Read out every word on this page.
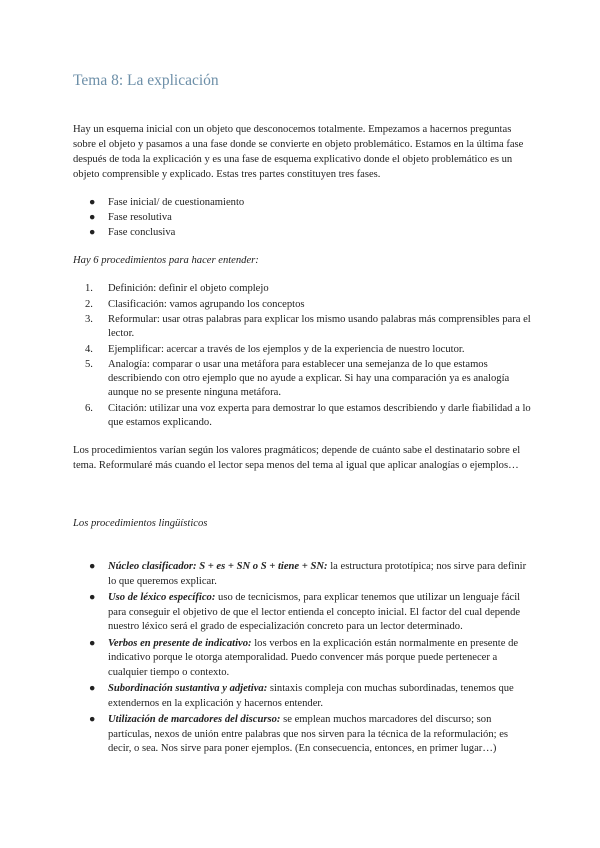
Tema 8: La explicación
Hay un esquema inicial con un objeto que desconocemos totalmente. Empezamos a hacernos preguntas sobre el objeto y pasamos a una fase donde se convierte en objeto problemático. Estamos en la última fase después de toda la explicación y es una fase de esquema explicativo donde el objeto problemático es un objeto comprensible y explicado. Estas tres partes constituyen tres fases.
● Fase inicial/ de cuestionamiento
● Fase resolutiva
● Fase conclusiva
Hay 6 procedimientos para hacer entender:
1. Definición: definir el objeto complejo
2. Clasificación: vamos agrupando los conceptos
3. Reformular: usar otras palabras para explicar los mismo usando palabras más comprensibles para el lector.
4. Ejemplificar: acercar a través de los ejemplos y de la experiencia de nuestro locutor.
5. Analogía: comparar o usar una metáfora para establecer una semejanza de lo que estamos describiendo con otro ejemplo que no ayude a explicar. Si hay una comparación ya es analogía aunque no se presente ninguna metáfora.
6. Citación: utilizar una voz experta para demostrar lo que estamos describiendo y darle fiabilidad a lo que estamos explicando.
Los procedimientos varían según los valores pragmáticos; depende de cuánto sabe el destinatario sobre el tema. Reformularé más cuando el lector sepa menos del tema al igual que aplicar analogías o ejemplos…
Los procedimientos lingüísticos
● Núcleo clasificador: S + es + SN o S + tiene + SN: la estructura prototípica; nos sirve para definir lo que queremos explicar.
● Uso de léxico específico: uso de tecnicismos, para explicar tenemos que utilizar un lenguaje fácil para conseguir el objetivo de que el lector entienda el concepto inicial. El factor del cual depende nuestro léxico será el grado de especialización concreto para un lector determinado.
● Verbos en presente de indicativo: los verbos en la explicación están normalmente en presente de indicativo porque le otorga atemporalidad. Puedo convencer más porque puede pertenecer a cualquier tiempo o contexto.
● Subordinación sustantiva y adjetiva: sintaxis compleja con muchas subordinadas, tenemos que extendernos en la explicación y hacernos entender.
● Utilización de marcadores del discurso: se emplean muchos marcadores del discurso; son partículas, nexos de unión entre palabras que nos sirven para la técnica de la reformulación; es decir, o sea. Nos sirve para poner ejemplos. (En consecuencia, entonces, en primer lugar…)
